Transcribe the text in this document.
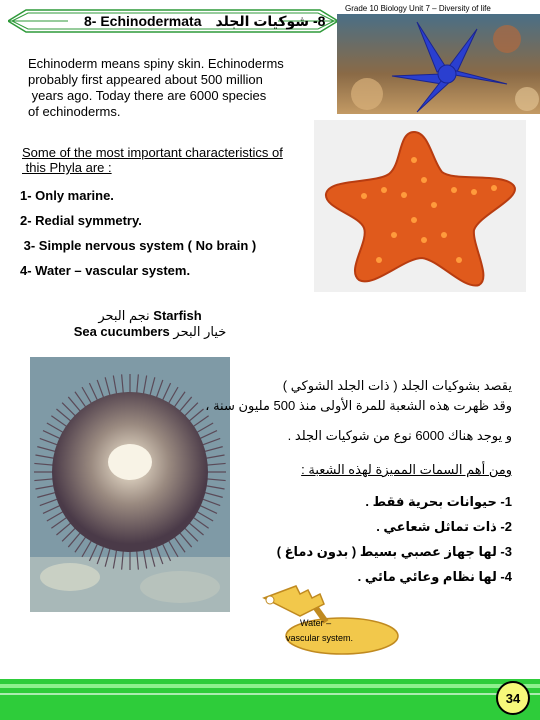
8- Echinodermata 8- شوكيات الجلد
Grade 10 Biology Unit 7 – Diversity of life
Echinoderm means spiny skin. Echinoderms
probably first appeared about 500 million
years ago. Today there are 6000 species
of echinoderms.
Some of the most important characteristics of
this Phyla are :
1- Only marine.
2- Redial symmetry.
3- Simple nervous system ( No brain )
4- Water – vascular system.
نجم البحر Starfish
Sea cucumbers خيار البحر
يقصد بشوكيات الجلد ( ذات الجلد الشوكي )
وقد ظهرت هذه الشعبة للمرة الأولى منذ 500 مليون سنة ،
و يوجد هناك 6000 نوع من شوكيات الجلد .
ومن أهم السمات المميزة لهذه الشعبة :
1- حيوانات بحرية فقط .
2- ذات تماثل شعاعي .
3- لها جهاز عصبي بسيط ( بدون دماغ )
4- لها نظام وعائي مائي .
Water –
vascular system.
34
